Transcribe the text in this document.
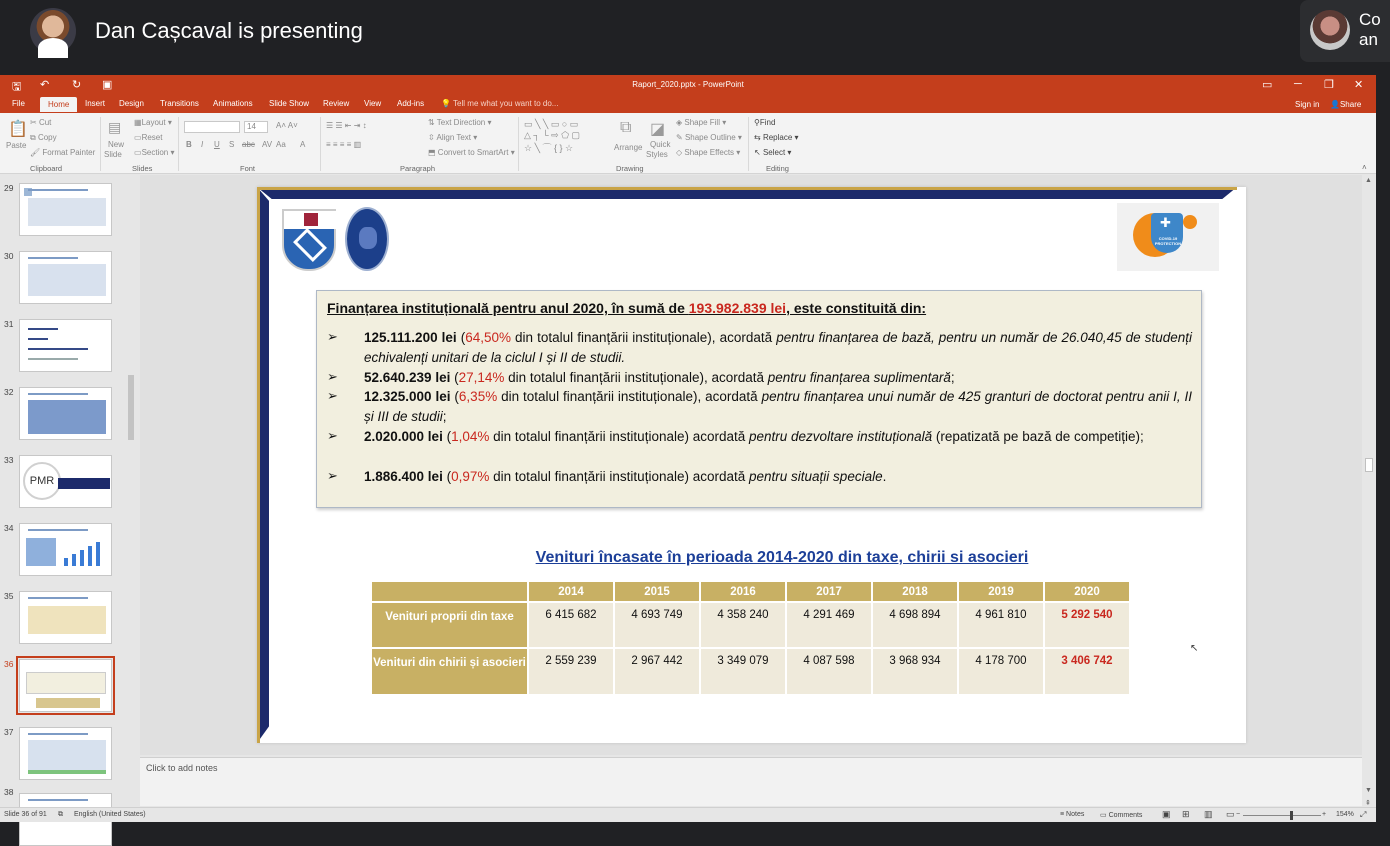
Dan Cașcaval is presenting	Co
an
🖫 ↶ ↻ ▣	Raport_2020.pptx - PowerPoint	▭ ─ ❐ ✕
File	Home	Insert Design Transitions Animations Slide Show Review View Add-ins 💡 Tell me what you want to do...	Sign in 👤Share
📋
Paste
✂ Cut
⧉ Copy
🖌 Format Painter
Clipboard
▤
New
Slide
▦Layout ▾
▭Reset
▭Section ▾
Slides
14	A˄ A˅
B I U S abc AV Aa A
Font
☰ ☰ ⇤ ⇥ ↕
≡ ≡ ≡ ≡ ▥
⇅ Text Direction ▾
⇳ Align Text ▾
⬒ Convert to SmartArt ▾
Paragraph
▭ ╲ ╲ ▭ ○ ▭
△ ┐ └ ⇨ ⬠ ▢
☆ ╲ ⌒ { } ☆
⧉
Arrange
◪
Quick
Styles
◈ Shape Fill ▾
✎ Shape Outline ▾
◇ Shape Effects ▾
Drawing
⚲Find
⇆ Replace ▾
↖ Select ▾
Editing	˄
29
30
31
32
33
PMR
34
35
36
37
38
✚
COVID-19 PROTECTION
Finanțarea instituțională pentru anul 2020, în sumă de 193.982.839 lei, este constituită din:
➢ 125.111.200 lei (64,50% din totalul finanțării instituționale), acordată pentru finanțarea de bază, pentru un număr de 26.040,45 de studenți echivalenți unitari de la ciclul I și II de studii.
➢ 52.640.239 lei (27,14% din totalul finanțării instituționale), acordată pentru finanțarea suplimentară;
➢ 12.325.000 lei (6,35% din totalul finanțării instituționale), acordată pentru finanțarea unui număr de 425 granturi de doctorat pentru anii I, II și III de studii;
➢ 2.020.000 lei (1,04% din totalul finanțării instituționale) acordată pentru dezvoltare instituțională (repatizată pe bază de competiție);
➢ 1.886.400 lei (0,97% din totalul finanțării instituționale) acordată pentru situații speciale.
Venituri încasate în perioada 2014-2020 din taxe, chirii si asocieri
	2014	2015	2016	2017	2018	2019	2020
Venituri proprii din taxe	6 415 682	4 693 749	4 358 240	4 291 469	4 698 894	4 961 810	5 292 540
Venituri din chirii și asocieri	2 559 239	2 967 442	3 349 079	4 087 598	3 968 934	4 178 700	3 406 742
↖
▲
▼
⇞
Click to add notes
Slide 36 of 91 ⧉ English (United States)	≡ Notes ▭ Comments ▣ ⊞ ▥ ▭ −	+ 154% ⤢
